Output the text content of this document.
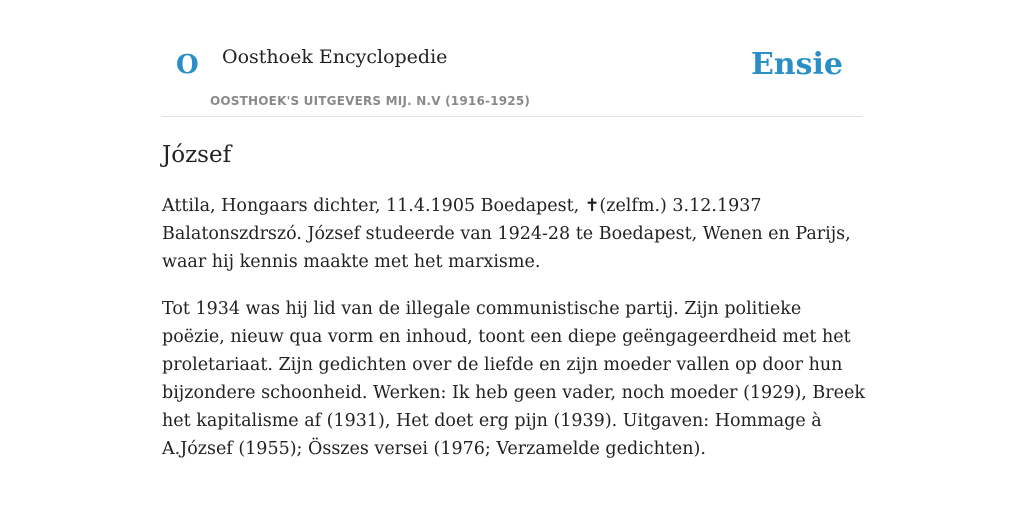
O Oosthoek Encyclopedie
OOSTHOEK'S UITGEVERS MIJ. N.V (1916-1925)
Ensie
József

Attila, Hongaars dichter, 11.4.1905 Boedapest, ✝(zelfm.) 3.12.1937 Balatonszdrszó. József studeerde van 1924-28 te Boedapest, Wenen en Parijs, waar hij kennis maakte met het marxisme.

Tot 1934 was hij lid van de illegale communistische partij. Zijn politieke poëzie, nieuw qua vorm en inhoud, toont een diepe geëngageerdheid met het proletariaat. Zijn gedichten over de liefde en zijn moeder vallen op door hun bijzondere schoonheid. Werken: Ik heb geen vader, noch moeder (1929), Breek het kapitalisme af (1931), Het doet erg pijn (1939). Uitgaven: Hommage à A.József (1955); Összes versei (1976; Verzamelde gedichten).
